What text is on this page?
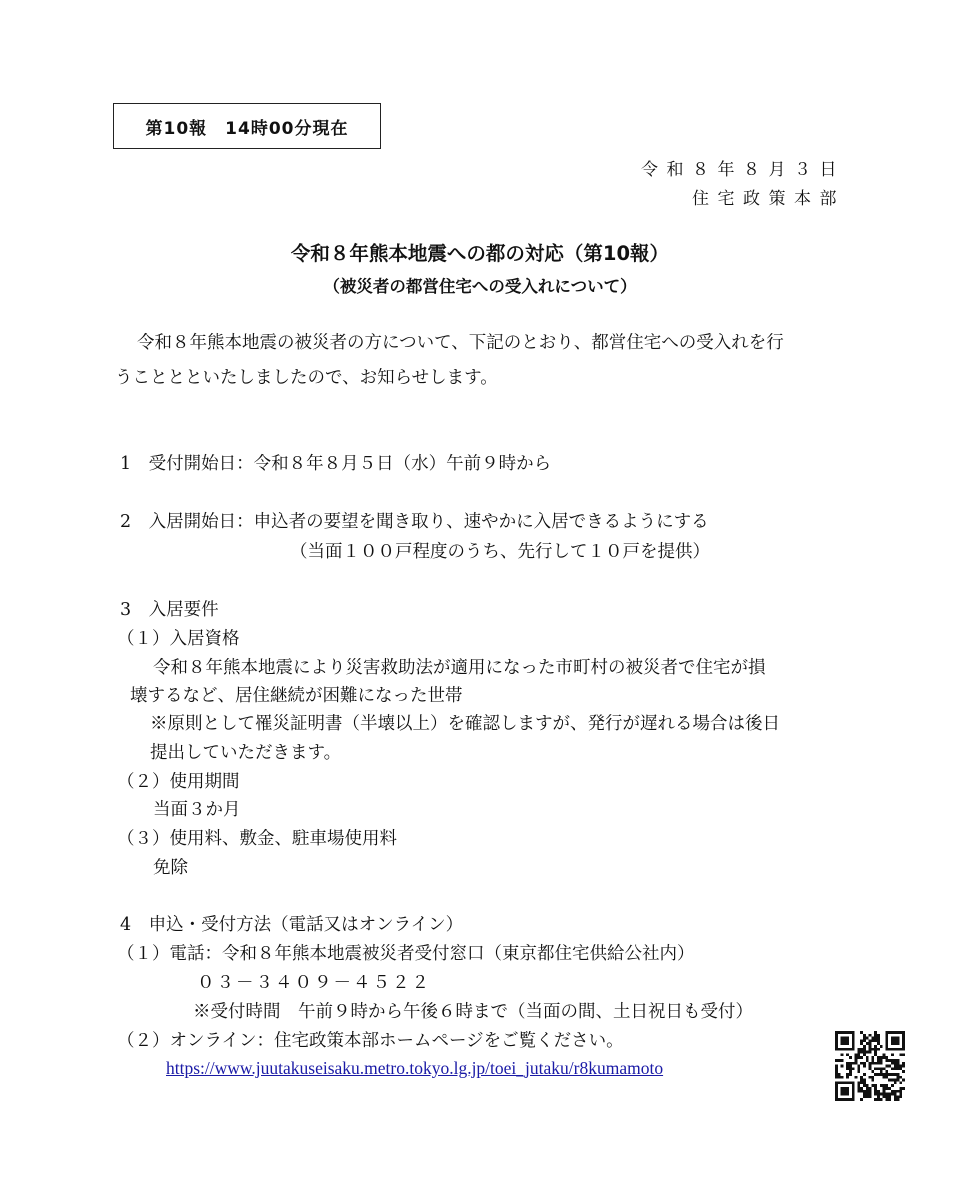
第10報　14時00分現在

令和８年８月３日

住宅政策本部

令和８年熊本地震への都の対応（第10報）
（被災者の都営住宅への受入れについて）

令和８年熊本地震の被災者の方について、下記のとおり、都営住宅への受入れを行

うこととといたしましたので、お知らせします。

1　受付開始日：令和８年８月５日（水）午前９時から

2　入居開始日：申込者の要望を聞き取り、速やかに入居できるようにする

（当面１００戸程度のうち、先行して１０戸を提供）

3　入居要件

（１）入居資格

令和８年熊本地震により災害救助法が適用になった市町村の被災者で住宅が損

壊するなど、居住継続が困難になった世帯

※原則として罹災証明書（半壊以上）を確認しますが、発行が遅れる場合は後日

提出していただきます。

（２）使用期間

当面３か月

（３）使用料、敷金、駐車場使用料

免除

4　申込・受付方法（電話又はオンライン）

（１）電話：令和８年熊本地震被災者受付窓口（東京都住宅供給公社内）

０３－３４０９－４５２２

※受付時間　午前９時から午後６時まで（当面の間、土日祝日も受付）

（２）オンライン：住宅政策本部ホームページをご覧ください。

https://www.juutakuseisaku.metro.tokyo.lg.jp/toei_jutaku/r8kumamoto
